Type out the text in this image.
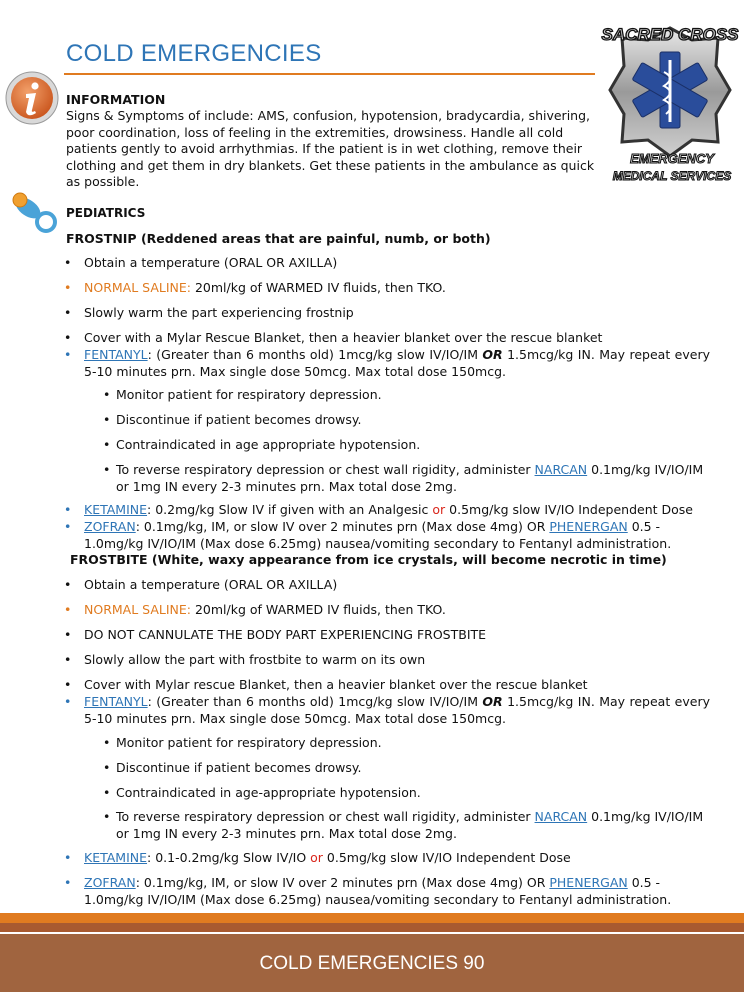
COLD EMERGENCIES
SACRED CROSS
EMERGENCY
MEDICAL SERVICES
INFORMATION
Signs & Symptoms of include: AMS, confusion, hypotension, bradycardia, shivering, poor coordination, loss of feeling in the extremities, drowsiness. Handle all cold patients gently to avoid arrhythmias. If the patient is in wet clothing, remove their clothing and get them in dry blankets. Get these patients in the ambulance as quick as possible.
PEDIATRICS
FROSTNIP (Reddened areas that are painful, numb, or both)
• Obtain a temperature (ORAL OR AXILLA)
• NORMAL SALINE: 20ml/kg of WARMED IV fluids, then TKO.
• Slowly warm the part experiencing frostnip
• Cover with a Mylar Rescue Blanket, then a heavier blanket over the rescue blanket
• FENTANYL: (Greater than 6 months old) 1mcg/kg slow IV/IO/IM OR 1.5mcg/kg IN. May repeat every 5-10 minutes prn. Max single dose 50mcg. Max total dose 150mcg.
• Monitor patient for respiratory depression.
• Discontinue if patient becomes drowsy.
• Contraindicated in age appropriate hypotension.
• To reverse respiratory depression or chest wall rigidity, administer NARCAN 0.1mg/kg IV/IO/IM or 1mg IN every 2-3 minutes prn. Max total dose 2mg.
• KETAMINE: 0.2mg/kg Slow IV if given with an Analgesic or 0.5mg/kg slow IV/IO Independent Dose
• ZOFRAN: 0.1mg/kg, IM, or slow IV over 2 minutes prn (Max dose 4mg) OR PHENERGAN 0.5 - 1.0mg/kg IV/IO/IM (Max dose 6.25mg) nausea/vomiting secondary to Fentanyl administration.
FROSTBITE (White, waxy appearance from ice crystals, will become necrotic in time)
• Obtain a temperature (ORAL OR AXILLA)
• NORMAL SALINE: 20ml/kg of WARMED IV fluids, then TKO.
• DO NOT CANNULATE THE BODY PART EXPERIENCING FROSTBITE
• Slowly allow the part with frostbite to warm on its own
• Cover with Mylar rescue Blanket, then a heavier blanket over the rescue blanket
• FENTANYL: (Greater than 6 months old) 1mcg/kg slow IV/IO/IM OR 1.5mcg/kg IN. May repeat every 5-10 minutes prn. Max single dose 50mcg. Max total dose 150mcg.
• Monitor patient for respiratory depression.
• Discontinue if patient becomes drowsy.
• Contraindicated in age-appropriate hypotension.
• To reverse respiratory depression or chest wall rigidity, administer NARCAN 0.1mg/kg IV/IO/IM or 1mg IN every 2-3 minutes prn. Max total dose 2mg.
• KETAMINE: 0.1-0.2mg/kg Slow IV/IO or 0.5mg/kg slow IV/IO Independent Dose
• ZOFRAN: 0.1mg/kg, IM, or slow IV over 2 minutes prn (Max dose 4mg) OR PHENERGAN 0.5 - 1.0mg/kg IV/IO/IM (Max dose 6.25mg) nausea/vomiting secondary to Fentanyl administration.
COLD EMERGENCIES 90
